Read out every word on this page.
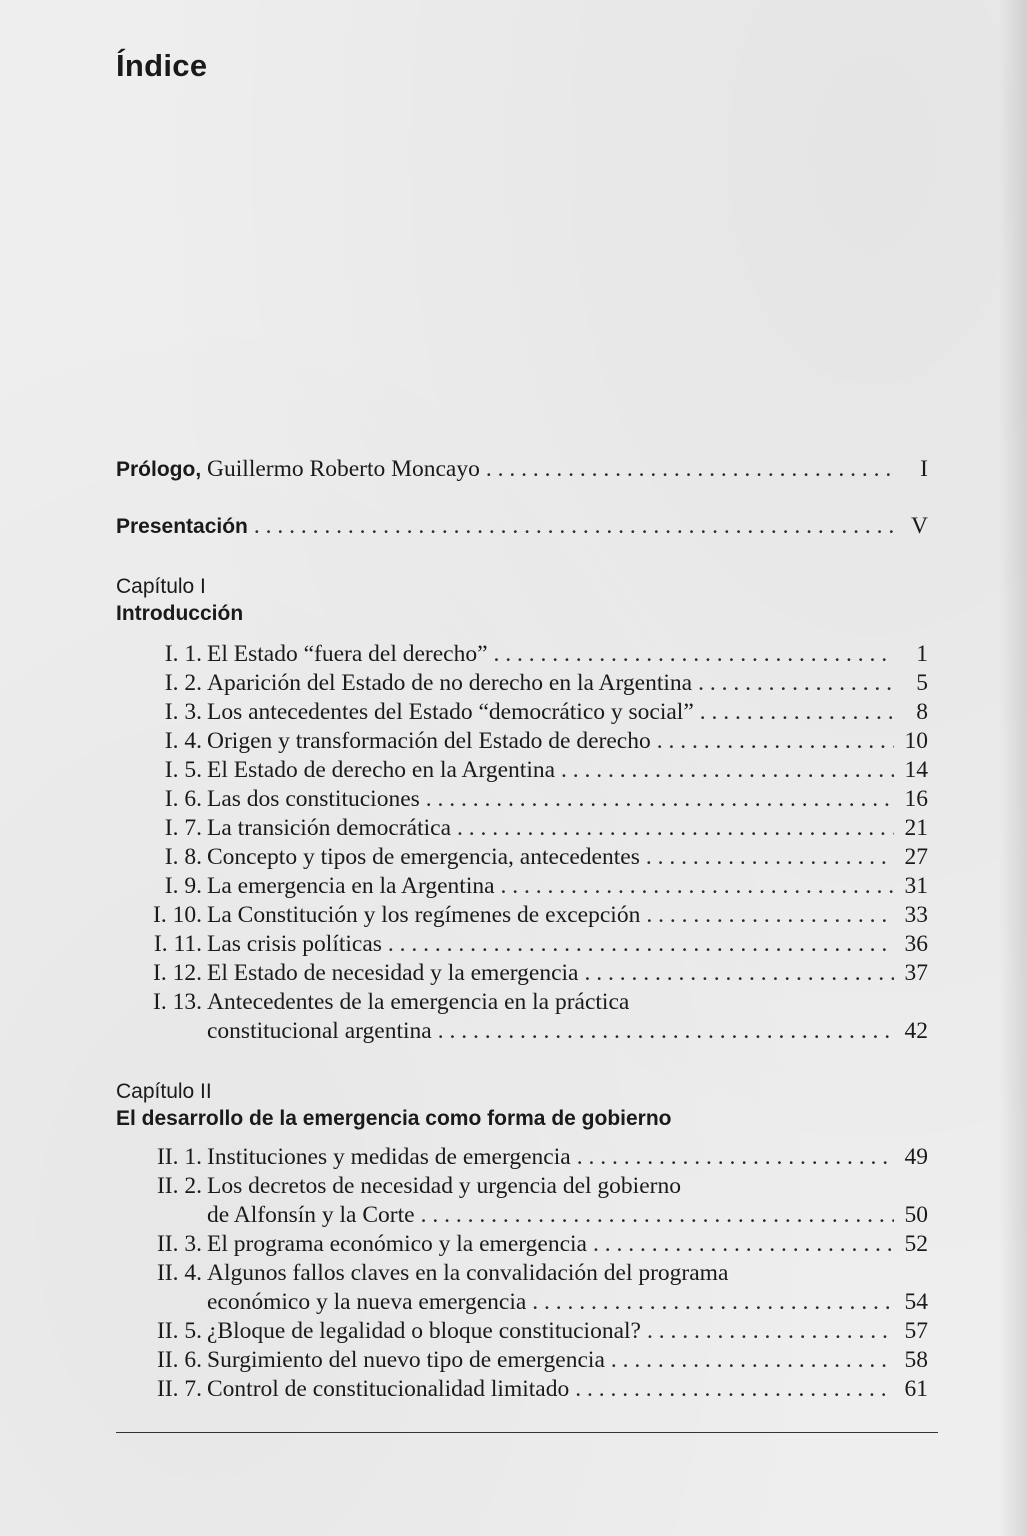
Índice
Prólogo, Guillermo Roberto Moncayo . . .	I
Presentación . . .	V
Capítulo I
Introducción
I. 1. El Estado “fuera del derecho” . . .	1
I. 2. Aparición del Estado de no derecho en la Argentina . . .	5
I. 3. Los antecedentes del Estado “democrático y social” . . .	8
I. 4. Origen y transformación del Estado de derecho . . .	10
I. 5. El Estado de derecho en la Argentina . . .	14
I. 6. Las dos constituciones . . .	16
I. 7. La transición democrática . . .	21
I. 8. Concepto y tipos de emergencia, antecedentes . . .	27
I. 9. La emergencia en la Argentina . . .	31
I. 10. La Constitución y los regímenes de excepción . . .	33
I. 11. Las crisis políticas . . .	36
I. 12. El Estado de necesidad y la emergencia . . .	37
I. 13. Antecedentes de la emergencia en la práctica
constitucional argentina . . .	42
Capítulo II
El desarrollo de la emergencia como forma de gobierno
II. 1. Instituciones y medidas de emergencia . . .	49
II. 2. Los decretos de necesidad y urgencia del gobierno
de Alfonsín y la Corte . . .	50
II. 3. El programa económico y la emergencia . . .	52
II. 4. Algunos fallos claves en la convalidación del programa
económico y la nueva emergencia . . .	54
II. 5. ¿Bloque de legalidad o bloque constitucional? . . .	57
II. 6. Surgimiento del nuevo tipo de emergencia . . .	58
II. 7. Control de constitucionalidad limitado . . .	61
